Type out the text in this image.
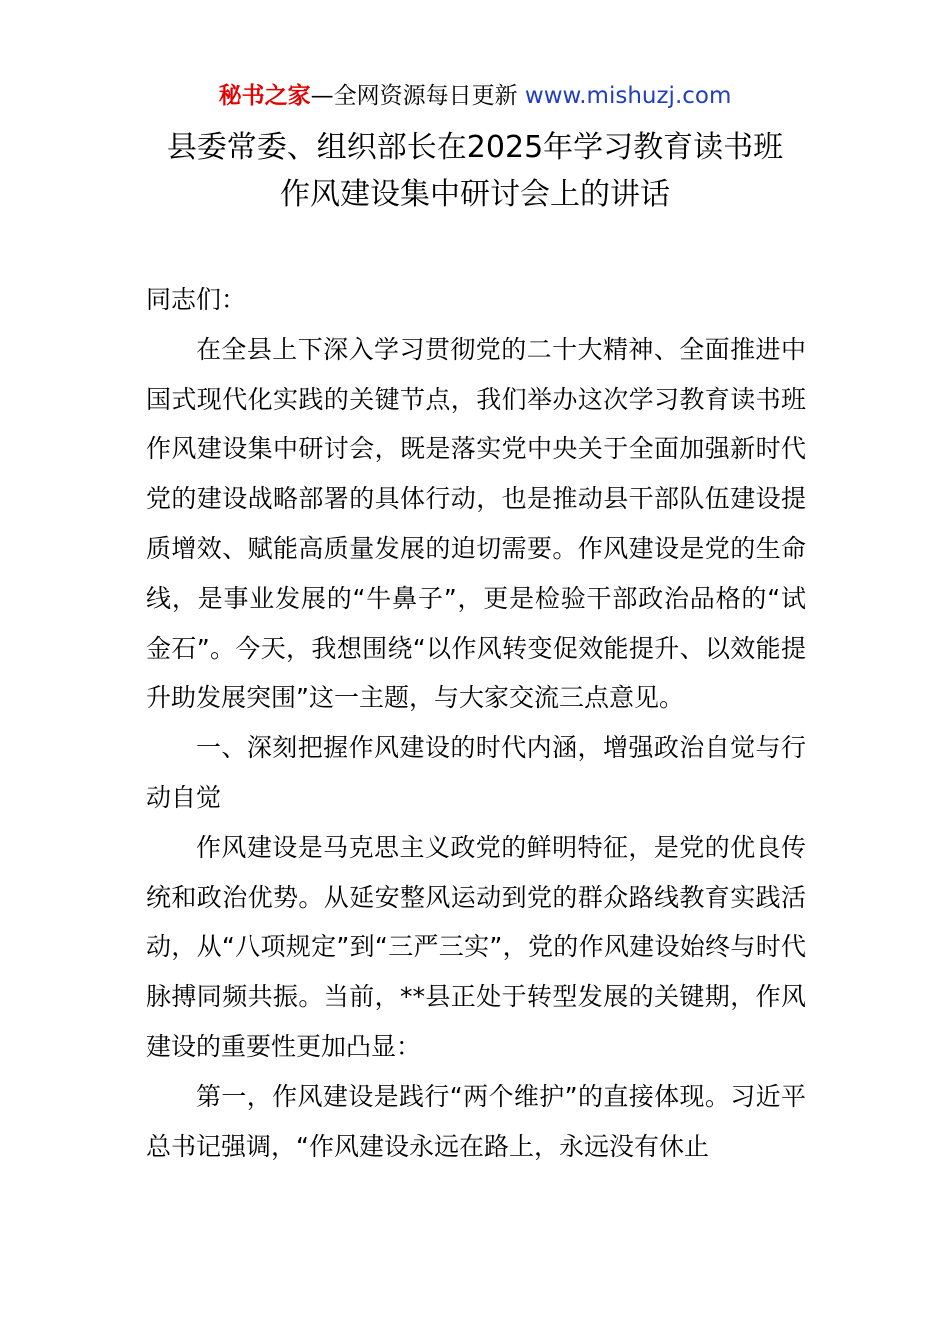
秘书之家—全网资源每日更新 www.mishuzj.com
县委常委、组织部长在2025年学习教育读书班
作风建设集中研讨会上的讲话

同志们：

在全县上下深入学习贯彻党的二十大精神、全面推进中国式现代化实践的关键节点，我们举办这次学习教育读书班作风建设集中研讨会，既是落实党中央关于全面加强新时代党的建设战略部署的具体行动，也是推动县干部队伍建设提质增效、赋能高质量发展的迫切需要。作风建设是党的生命线，是事业发展的“牛鼻子”，更是检验干部政治品格的“试金石”。今天，我想围绕“以作风转变促效能提升、以效能提升助发展突围”这一主题，与大家交流三点意见。

一、深刻把握作风建设的时代内涵，增强政治自觉与行动自觉

作风建设是马克思主义政党的鲜明特征，是党的优良传统和政治优势。从延安整风运动到党的群众路线教育实践活动，从“八项规定”到“三严三实”，党的作风建设始终与时代脉搏同频共振。当前，**县正处于转型发展的关键期，作风建设的重要性更加凸显：

第一，作风建设是践行“两个维护”的直接体现。习近平总书记强调，“作风建设永远在路上，永远没有休止
